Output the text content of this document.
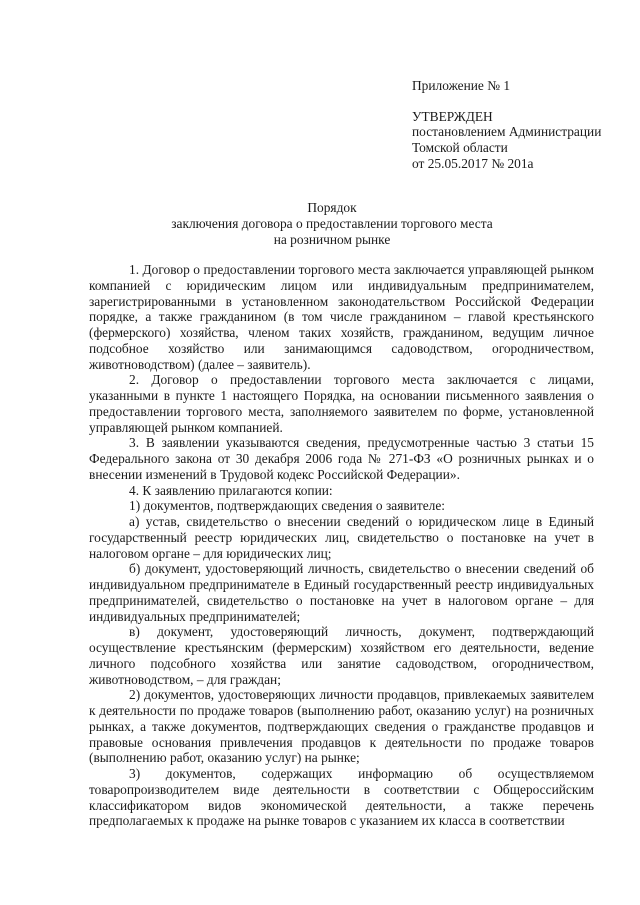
Приложение № 1
УТВЕРЖДЕН
постановлением Администрации
Томской области
от 25.05.2017 № 201а
Порядок
заключения договора о предоставлении торгового места
на розничном рынке

1. Договор о предоставлении торгового места заключается управляющей рынком компанией с юридическим лицом или индивидуальным предпринимателем, зарегистрированными в установленном законодательством Российской Федерации порядке, а также гражданином (в том числе гражданином – главой крестьянского (фермерского) хозяйства, членом таких хозяйств, гражданином, ведущим личное подсобное хозяйство или занимающимся садоводством, огородничеством, животноводством) (далее – заявитель).

2. Договор о предоставлении торгового места заключается с лицами, указанными в пункте 1 настоящего Порядка, на основании письменного заявления о предоставлении торгового места, заполняемого заявителем по форме, установленной управляющей рынком компанией.

3. В заявлении указываются сведения, предусмотренные частью 3 статьи 15 Федерального закона от 30 декабря 2006 года № 271-ФЗ «О розничных рынках и о внесении изменений в Трудовой кодекс Российской Федерации».

4. К заявлению прилагаются копии:

1) документов, подтверждающих сведения о заявителе:

а) устав, свидетельство о внесении сведений о юридическом лице в Единый государственный реестр юридических лиц, свидетельство о постановке на учет в налоговом органе – для юридических лиц;

б) документ, удостоверяющий личность, свидетельство о внесении сведений об индивидуальном предпринимателе в Единый государственный реестр индивидуальных предпринимателей, свидетельство о постановке на учет в налоговом органе – для индивидуальных предпринимателей;

в) документ, удостоверяющий личность, документ, подтверждающий осуществление крестьянским (фермерским) хозяйством его деятельности, ведение личного подсобного хозяйства или занятие садоводством, огородничеством, животноводством, – для граждан;

2) документов, удостоверяющих личности продавцов, привлекаемых заявителем к деятельности по продаже товаров (выполнению работ, оказанию услуг) на розничных рынках, а также документов, подтверждающих сведения о гражданстве продавцов и правовые основания привлечения продавцов к деятельности по продаже товаров (выполнению работ, оказанию услуг) на рынке;

3) документов, содержащих информацию об осуществляемом товаропроизводителем виде деятельности в соответствии с Общероссийским классификатором видов экономической деятельности, а также перечень предполагаемых к продаже на рынке товаров с указанием их класса в соответствии
